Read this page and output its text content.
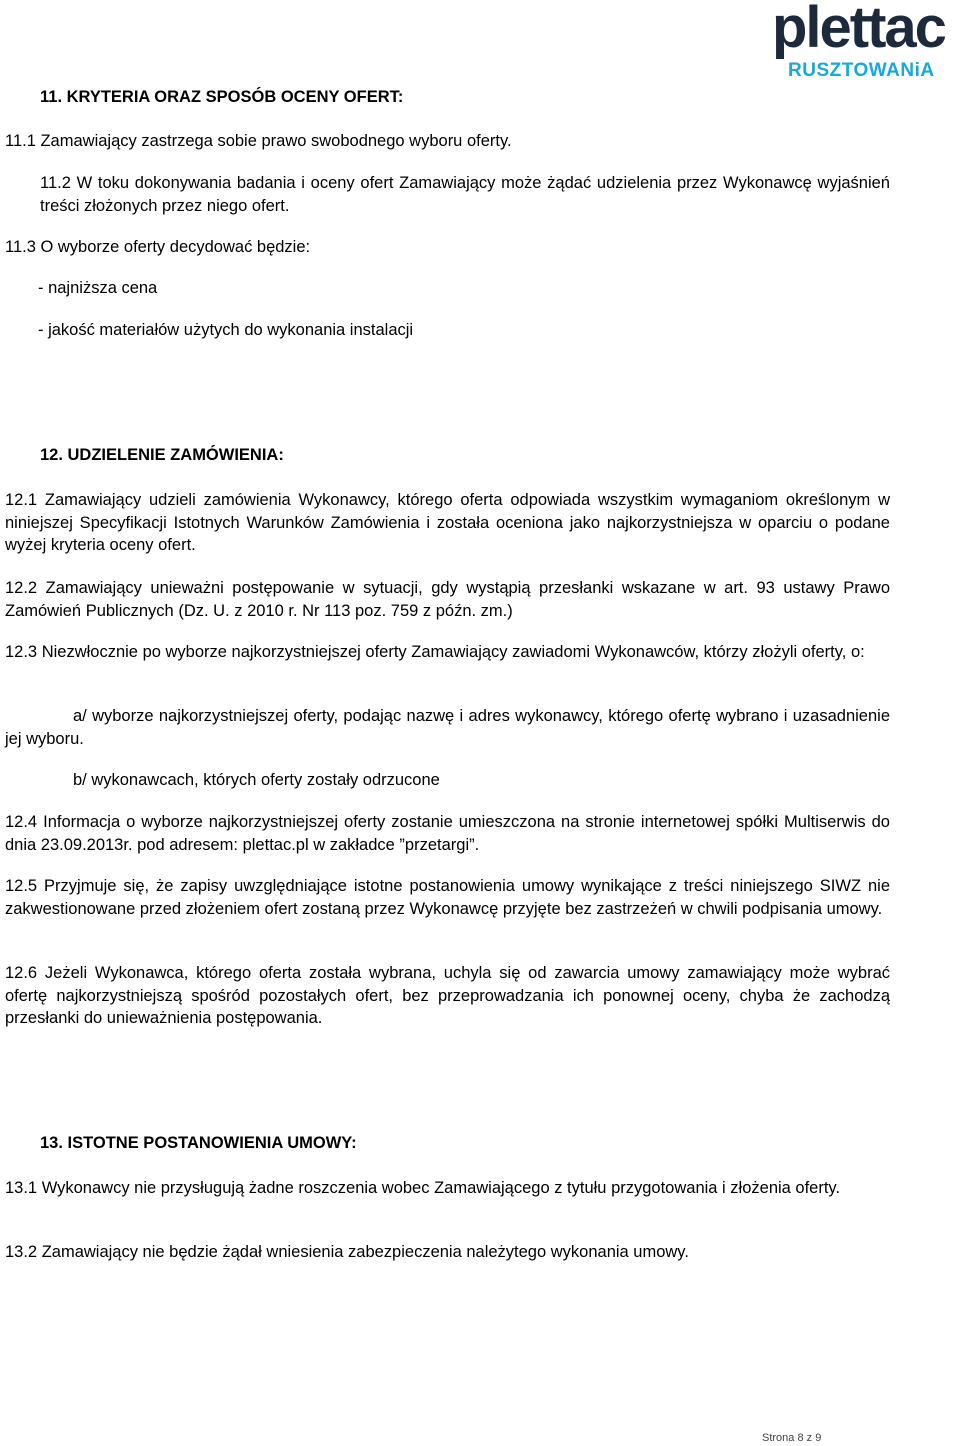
plettac
RUSZTOWANiA
11. KRYTERIA ORAZ SPOSÓB OCENY OFERT:
11.1 Zamawiający zastrzega sobie prawo swobodnego wyboru oferty.
11.2 W toku dokonywania badania i oceny ofert Zamawiający może żądać udzielenia przez Wykonawcę wyjaśnień treści złożonych przez niego ofert.
11.3 O wyborze oferty decydować będzie:
- najniższa cena
- jakość materiałów użytych do wykonania instalacji
12. UDZIELENIE ZAMÓWIENIA:
12.1 Zamawiający udzieli zamówienia Wykonawcy, którego oferta odpowiada wszystkim wymaganiom określonym w niniejszej Specyfikacji Istotnych Warunków Zamówienia i została oceniona jako najkorzystniejsza w oparciu o podane wyżej kryteria oceny ofert.
12.2 Zamawiający unieważni postępowanie w sytuacji, gdy wystąpią przesłanki wskazane w art. 93 ustawy Prawo Zamówień Publicznych (Dz. U. z 2010 r. Nr 113 poz. 759 z późn. zm.)
12.3 Niezwłocznie po wyborze najkorzystniejszej oferty Zamawiający zawiadomi Wykonawców, którzy złożyli oferty, o:
a/ wyborze najkorzystniejszej oferty, podając nazwę i adres wykonawcy, którego ofertę wybrano i uzasadnienie jej wyboru.
b/ wykonawcach, których oferty zostały odrzucone
12.4 Informacja o wyborze najkorzystniejszej oferty zostanie umieszczona na stronie internetowej spółki Multiserwis do dnia 23.09.2013r. pod adresem: plettac.pl w zakładce ”przetargi”.
12.5 Przyjmuje się, że zapisy uwzględniające istotne postanowienia umowy wynikające z treści niniejszego SIWZ nie zakwestionowane przed złożeniem ofert zostaną przez Wykonawcę przyjęte bez zastrzeżeń w chwili podpisania umowy.
12.6 Jeżeli Wykonawca, którego oferta została wybrana, uchyla się od zawarcia umowy zamawiający może wybrać ofertę najkorzystniejszą spośród pozostałych ofert, bez przeprowadzania ich ponownej oceny, chyba że zachodzą przesłanki do unieważnienia postępowania.
13. ISTOTNE POSTANOWIENIA UMOWY:
13.1 Wykonawcy nie przysługują żadne roszczenia wobec Zamawiającego z tytułu przygotowania i złożenia oferty.
13.2 Zamawiający nie będzie żądał wniesienia zabezpieczenia należytego wykonania umowy.
Strona 8 z 9
